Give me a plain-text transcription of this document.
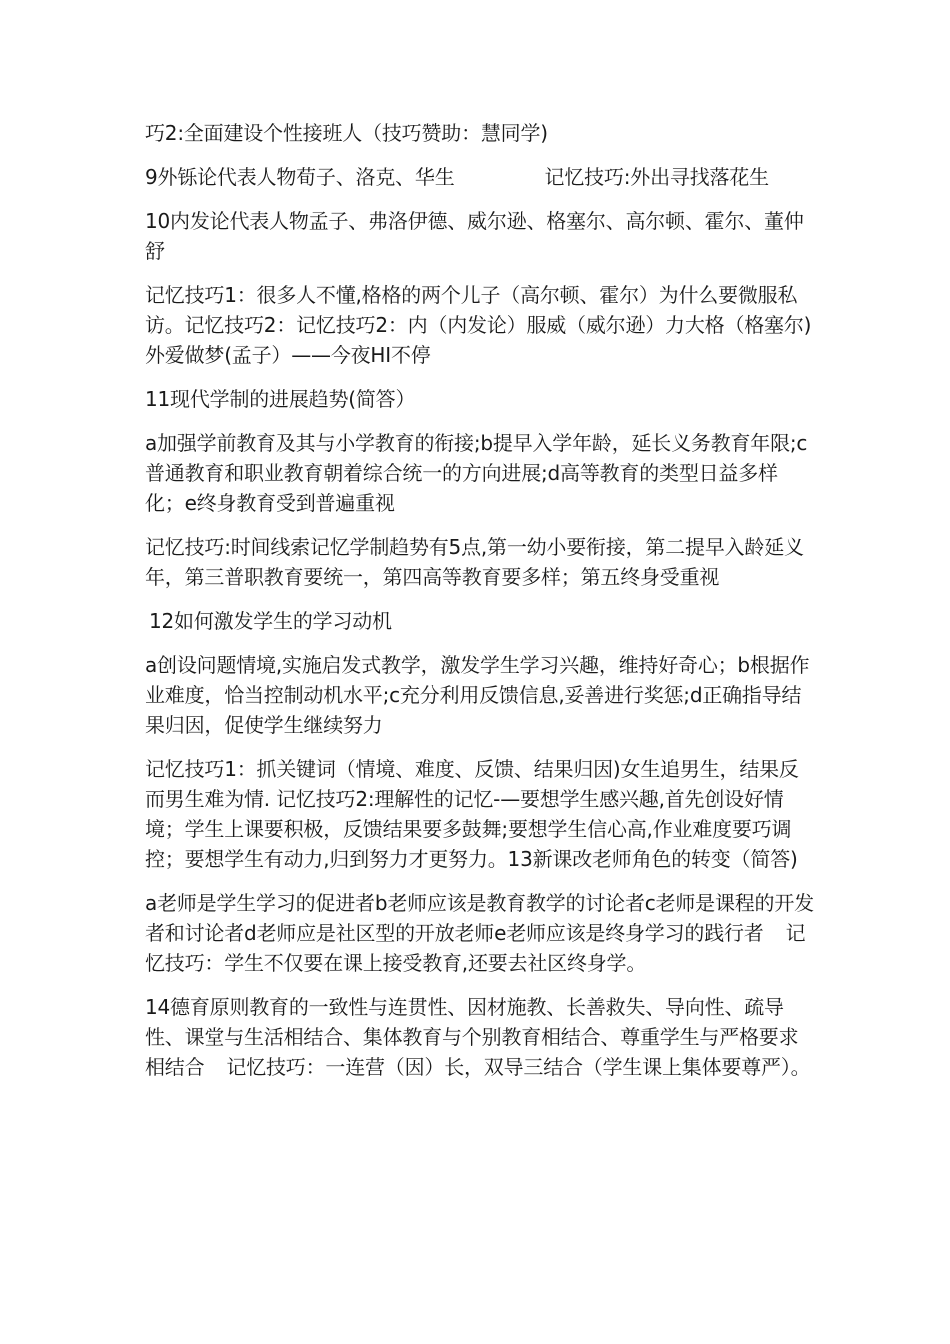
巧2:全面建设个性接班人（技巧赞助：慧同学)

9外铄论代表人物荀子、洛克、华生	记忆技巧:外出寻找落花生

10内发论代表人物孟子、弗洛伊德、威尔逊、格塞尔、高尔顿、霍尔、董仲舒

记忆技巧1：很多人不懂,格格的两个儿子（高尔顿、霍尔）为什么要微服私访。记忆技巧2：记忆技巧2：内（内发论）服威（威尔逊）力大格（格塞尔)外爱做梦(孟子）——今夜HI不停

11现代学制的进展趋势(简答）

a加强学前教育及其与小学教育的衔接;b提早入学年龄，延长义务教育年限;c普通教育和职业教育朝着综合统一的方向进展;d高等教育的类型日益多样化；e终身教育受到普遍重视

记忆技巧:时间线索记忆学制趋势有5点,第一幼小要衔接，第二提早入龄延义年，第三普职教育要统一，第四高等教育要多样；第五终身受重视

12如何激发学生的学习动机

a创设问题情境,实施启发式教学，激发学生学习兴趣，维持好奇心；b根据作业难度，恰当控制动机水平;c充分利用反馈信息,妥善进行奖惩;d正确指导结果归因，促使学生继续努力

记忆技巧1：抓关键词（情境、难度、反馈、结果归因)女生追男生，结果反而男生难为情. 记忆技巧2:理解性的记忆-—要想学生感兴趣,首先创设好情境；学生上课要积极，反馈结果要多鼓舞;要想学生信心高,作业难度要巧调控；要想学生有动力,归到努力才更努力。13新课改老师角色的转变（简答)

a老师是学生学习的促进者b老师应该是教育教学的讨论者c老师是课程的开发者和讨论者d老师应是社区型的开放老师e老师应该是终身学习的践行者 记忆技巧：学生不仅要在课上接受教育,还要去社区终身学。

14德育原则教育的一致性与连贯性、因材施教、长善救失、导向性、疏导性、课堂与生活相结合、集体教育与个别教育相结合、尊重学生与严格要求相结合 记忆技巧：一连营（因）长，双导三结合（学生课上集体要尊严）。
